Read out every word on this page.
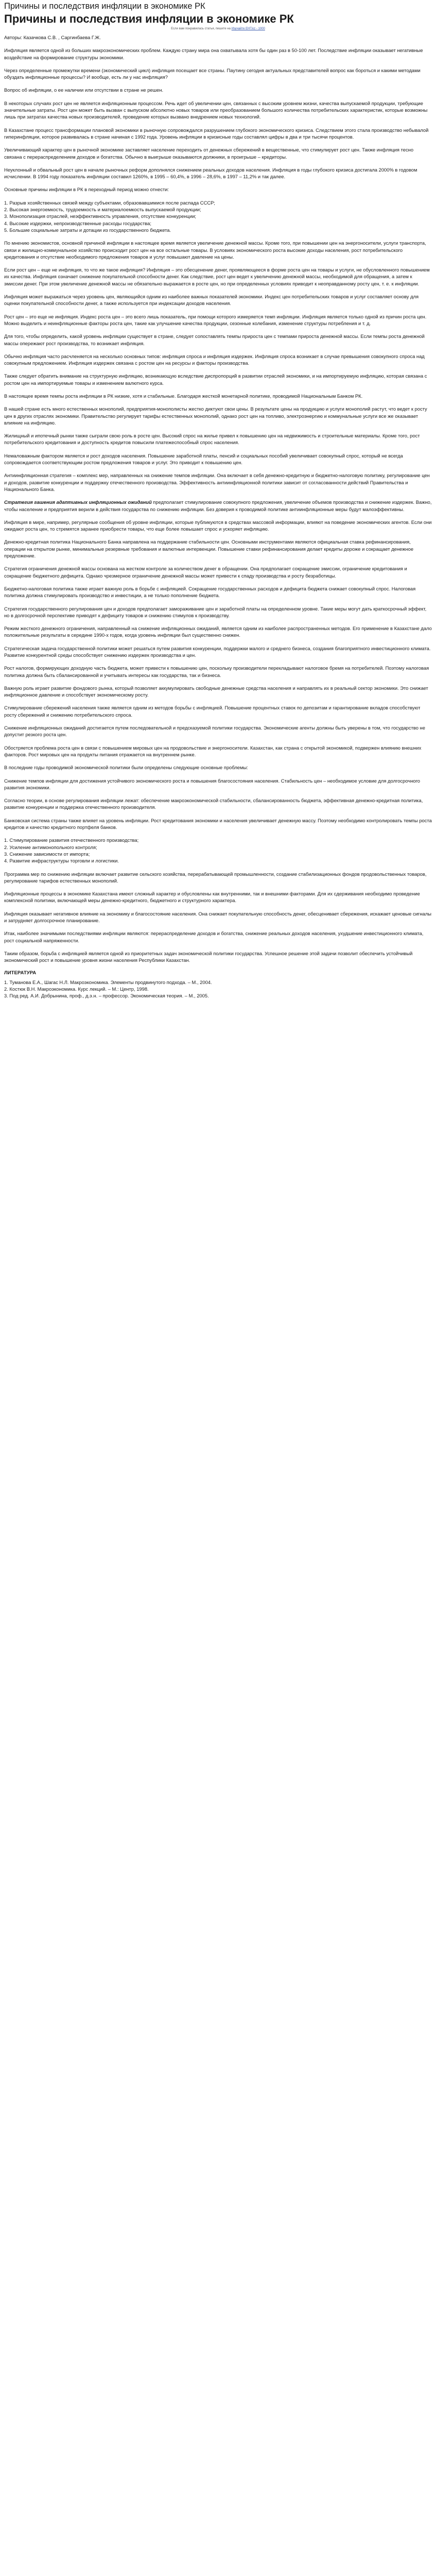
Причины и последствия инфляции в экономике РК
Причины и последствия инфляции в экономике РК
Если вам понравилась статья, пишите на Изучайте ЕНТ.kz - 1000

Авторы: Казачкова С.В. , Саргинбаева Г.Ж.

Инфляция является одной из больших макроэкономических проблем. Каждую страну мира она охватывала хотя бы один раз в 50-100 лет. Последствие инфляции оказывает негативные воздействие на формирование структуры экономики.

Через определенные промежутки времени (экономический цикл) инфляция посещает все страны. Паутину сегодня актуальных представителей вопрос как бороться и какими методами обуздать инфляционные процессы? И вообще, есть ли у нас инфляция?

Вопрос об инфляции, о ее наличии или отсутствии в стране не решен.

В некоторых случаях рост цен не является инфляционным процессом. Речь идет об увеличении цен, связанных с высоким уровнем жизни, качества выпускаемой продукции, требующие значительные затраты. Рост цен может быть вызван с выпуском абсолютно новых товаров или преобразованием большого количества потребительских характеристик, которые возможны лишь при затратах качества новых производителей, проведение которых вызвано внедрением новых технологий.

В Казахстане процесс трансформации плановой экономики в рыночную сопровождался разрушением глубокого экономического кризиса. Следствием этого стала производство небывалой гиперинфляции, которое развивалась в стране начиная с 1992 года. Уровень инфляции в кризисные годы составлял цифры в два и три тысячи процентов.

Увеличивающий характер цен в рыночной экономике заставляет население переходить от денежных сбережений в вещественные, что стимулирует рост цен. Также инфляция тесно связана с перераспределением доходов и богатства. Обычно в выигрыше оказываются должники, в проигрыше – кредиторы.

Неуклонный и обвальный рост цен в начале рыночных реформ дополнялся снижением реальных доходов населения. Инфляция в годы глубокого кризиса достигала 2000% в годовом исчислении. В 1994 году показатель инфляции составил 1260%, в 1995 – 60,4%, в 1996 – 28,6%, в 1997 – 11,2% и так далее.

Основные причины инфляции в РК в переходный период можно отнести:

1. Разрыв хозяйственных связей между субъектами, образовавшимися после распада СССР;

2. Высокая энергоемкость, трудоемкость и материалоемкость выпускаемой продукции;

3. Монополизация отраслей, неэффективность управления, отсутствие конкуренции;

4. Высокие издержки, непроизводственные расходы государства;

5. Большие социальные затраты и дотации из государственного бюджета.

По мнению экономистов, основной причиной инфляции в настоящее время является увеличение денежной массы. Кроме того, при повышении цен на энергоносители, услуги транспорта, связи и жилищно-коммунальное хозяйство происходит рост цен на все остальные товары. В условиях экономического роста высокие доходы населения, рост потребительского кредитования и отсутствие необходимого предложения товаров и услуг повышают давление на цены.

Если рост цен – еще не инфляция, то что же такое инфляция? Инфляция – это обесценение денег, проявляющееся в форме роста цен на товары и услуги, не обусловленного повышением их качества. Инфляция означает снижение покупательной способности денег. Как следствие, рост цен ведет к увеличению денежной массы, необходимой для обращения, а затем к эмиссии денег. При этом увеличение денежной массы не обязательно выражается в росте цен, но при определенных условиях приводит к неоправданному росту цен, т. е. к инфляции.

Инфляция может выражаться через уровень цен, являющийся одним из наиболее важных показателей экономики. Индекс цен потребительских товаров и услуг составляет основу для оценки покупательной способности денег, а также используется при индексации доходов населения.

Рост цен – это еще не инфляция. Индекс роста цен – это всего лишь показатель, при помощи которого измеряется темп инфляции. Инфляция является только одной из причин роста цен. Можно выделить и неинфляционные факторы роста цен, такие как улучшение качества продукции, сезонные колебания, изменение структуры потребления и т. д.

Для того, чтобы определить, какой уровень инфляции существует в стране, следует сопоставлять темпы прироста цен с темпами прироста денежной массы. Если темпы роста денежной массы опережают рост производства, то возникает инфляция.

Обычно инфляция часто расчленяется на несколько основных типов: инфляция спроса и инфляция издержек. Инфляция спроса возникает в случае превышения совокупного спроса над совокупным предложением. Инфляция издержек связана с ростом цен на ресурсы и факторы производства.

Также следует обратить внимание на структурную инфляцию, возникающую вследствие диспропорций в развитии отраслей экономики, и на импортируемую инфляцию, которая связана с ростом цен на импортируемые товары и изменением валютного курса.

В настоящее время темпы роста инфляции в РК низкие, хотя и стабильные. Благодаря жесткой монетарной политике, проводимой Национальным Банком РК.

В нашей стране есть много естественных монополий, предприятия-монополисты жестко диктуют свои цены. В результате цены на продукцию и услуги монополий растут, что ведет к росту цен в других отраслях экономики. Правительство регулирует тарифы естественных монополий, однако рост цен на топливо, электроэнергию и коммунальные услуги все же оказывает влияние на инфляцию.

Жилищный и ипотечный рынки также сыграли свою роль в росте цен. Высокий спрос на жилье привел к повышению цен на недвижимость и строительные материалы. Кроме того, рост потребительского кредитования и доступность кредитов повысили платежеспособный спрос населения.

Немаловажным фактором является и рост доходов населения. Повышение заработной платы, пенсий и социальных пособий увеличивает совокупный спрос, который не всегда сопровождается соответствующим ростом предложения товаров и услуг. Это приводит к повышению цен.

Антиинфляционная стратегия – комплекс мер, направленных на снижение темпов инфляции. Она включает в себя денежно-кредитную и бюджетно-налоговую политику, регулирование цен и доходов, развитие конкуренции и поддержку отечественного производства. Эффективность антиинфляционной политики зависит от согласованности действий Правительства и Национального Банка.

Стратегия гашения адаптивных инфляционных ожиданий предполагает стимулирование совокупного предложения, увеличение объемов производства и снижение издержек. Важно, чтобы население и предприятия верили в действия государства по снижению инфляции. Без доверия к проводимой политике антиинфляционные меры будут малоэффективны.

Инфляция в мире, например, регулярные сообщения об уровне инфляции, которые публикуются в средствах массовой информации, влияют на поведение экономических агентов. Если они ожидают роста цен, то стремятся заранее приобрести товары, что еще более повышает спрос и ускоряет инфляцию.

Денежно-кредитная политика Национального Банка направлена на поддержание стабильности цен. Основными инструментами являются официальная ставка рефинансирования, операции на открытом рынке, минимальные резервные требования и валютные интервенции. Повышение ставки рефинансирования делает кредиты дороже и сокращает денежное предложение.

Стратегия ограничения денежной массы основана на жестком контроле за количеством денег в обращении. Она предполагает сокращение эмиссии, ограничение кредитования и сокращение бюджетного дефицита. Однако чрезмерное ограничение денежной массы может привести к спаду производства и росту безработицы.

Бюджетно-налоговая политика также играет важную роль в борьбе с инфляцией. Сокращение государственных расходов и дефицита бюджета снижает совокупный спрос. Налоговая политика должна стимулировать производство и инвестиции, а не только пополнение бюджета.

Стратегия государственного регулирования цен и доходов предполагает замораживание цен и заработной платы на определенном уровне. Такие меры могут дать краткосрочный эффект, но в долгосрочной перспективе приводят к дефициту товаров и снижению стимулов к производству.

Режим жесткого денежного ограничения, направленный на снижение инфляционных ожиданий, является одним из наиболее распространенных методов. Его применение в Казахстане дало положительные результаты в середине 1990-х годов, когда уровень инфляции был существенно снижен.

Стратегическая задача государственной политики может решаться путем развития конкуренции, поддержки малого и среднего бизнеса, создания благоприятного инвестиционного климата. Развитие конкурентной среды способствует снижению издержек производства и цен.

Рост налогов, формирующих доходную часть бюджета, может привести к повышению цен, поскольку производители перекладывают налоговое бремя на потребителей. Поэтому налоговая политика должна быть сбалансированной и учитывать интересы как государства, так и бизнеса.

Важную роль играет развитие фондового рынка, который позволяет аккумулировать свободные денежные средства населения и направлять их в реальный сектор экономики. Это снижает инфляционное давление и способствует экономическому росту.

Стимулирование сбережений населения также является одним из методов борьбы с инфляцией. Повышение процентных ставок по депозитам и гарантирование вкладов способствуют росту сбережений и снижению потребительского спроса.

Снижение инфляционных ожиданий достигается путем последовательной и предсказуемой политики государства. Экономические агенты должны быть уверены в том, что государство не допустит резкого роста цен.

Обостряется проблема роста цен в связи с повышением мировых цен на продовольствие и энергоносители. Казахстан, как страна с открытой экономикой, подвержен влиянию внешних факторов. Рост мировых цен на продукты питания отражается на внутреннем рынке.

В последние годы проводимой экономической политики были определены следующие основные проблемы:

Снижение темпов инфляции для достижения устойчивого экономического роста и повышения благосостояния населения. Стабильность цен – необходимое условие для долгосрочного развития экономики.

Согласно теории, в основе регулирования инфляции лежат: обеспечение макроэкономической стабильности, сбалансированность бюджета, эффективная денежно-кредитная политика, развитие конкуренции и поддержка отечественного производителя.

Банковская система страны также влияет на уровень инфляции. Рост кредитования экономики и населения увеличивает денежную массу. Поэтому необходимо контролировать темпы роста кредитов и качество кредитного портфеля банков.

1. Стимулирование развития отечественного производства;

2. Усиление антимонопольного контроля;

3. Снижение зависимости от импорта;

4. Развитие инфраструктуры торговли и логистики.

Программа мер по снижению инфляции включает развитие сельского хозяйства, перерабатывающей промышленности, создание стабилизационных фондов продовольственных товаров, регулирование тарифов естественных монополий.

Инфляционные процессы в экономике Казахстана имеют сложный характер и обусловлены как внутренними, так и внешними факторами. Для их сдерживания необходимо проведение комплексной политики, включающей меры денежно-кредитного, бюджетного и структурного характера.

Инфляция оказывает негативное влияние на экономику и благосостояние населения. Она снижает покупательную способность денег, обесценивает сбережения, искажает ценовые сигналы и затрудняет долгосрочное планирование.

Итак, наиболее значимыми последствиями инфляции являются: перераспределение доходов и богатства, снижение реальных доходов населения, ухудшение инвестиционного климата, рост социальной напряженности.

Таким образом, борьба с инфляцией является одной из приоритетных задач экономической политики государства. Успешное решение этой задачи позволит обеспечить устойчивый экономический рост и повышение уровня жизни населения Республики Казахстан.

ЛИТЕРАТУРА
1. Туманова Е.А., Шагас Н.Л. Макроэкономика. Элементы продвинутого подхода. – М., 2004.
2. Костюк В.Н. Макроэкономика. Курс лекций. – М.: Центр, 1998.
3. Под ред. А.И. Добрынина, проф., д.э.н. – профессор. Экономическая теория. – М., 2005.
